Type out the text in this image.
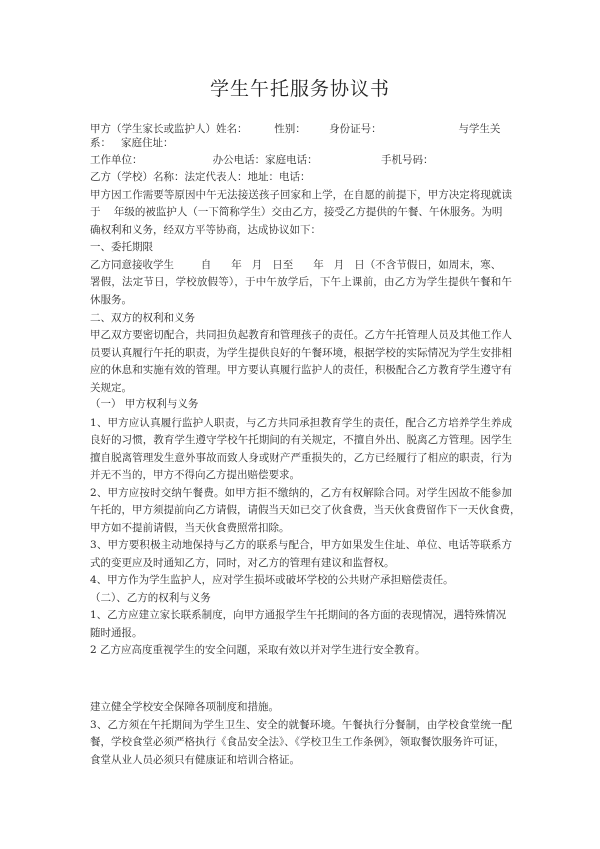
学生午托服务协议书
甲方（学生家长或监护人）姓名：        性别：       身份证号：                       与学生关
系：   家庭住址：
工作单位：                     办公电话：家庭电话：                   手机号码：
乙方（学校）名称：法定代表人：地址：电话：
甲方因工作需要等原因中午无法接送孩子回家和上学，在自愿的前提下，甲方决定将现就读
于    年级的被监护人（一下简称学生）交由乙方，接受乙方提供的午餐、午休服务。为明
确权利和义务，经双方平等协商，达成协议如下：
一、委托期限
乙方同意接收学生        自      年   月   日至      年   月   日（不含节假日，如周末，寒、
署假，法定节日，学校放假等），于中午放学后，下午上课前，由乙方为学生提供午餐和午
休服务。
二、双方的权利和义务
甲乙双方要密切配合，共同担负起教育和管理孩子的责任。乙方午托管理人员及其他工作人
员要认真履行午托的职责，为学生提供良好的午餐环境，根据学校的实际情况为学生安排相
应的休息和实施有效的管理。甲方要认真履行监护人的责任，积极配合乙方教育学生遵守有
关规定。
（一） 甲方权利与义务
1、甲方应认真履行监护人职责，与乙方共同承担教育学生的责任，配合乙方培养学生养成
良好的习惯，教育学生遵守学校午托期间的有关规定，不擅自外出、脱离乙方管理。因学生
擅自脱离管理发生意外事故而致人身或财产严重损失的，乙方已经履行了相应的职责，行为
并无不当的，甲方不得向乙方提出赔偿要求。
2、甲方应按时交纳午餐费。如甲方拒不缴纳的，乙方有权解除合同。对学生因故不能参加
午托的，甲方须提前向乙方请假，请假当天如已交了伙食费，当天伙食费留作下一天伙食费，
甲方如不提前请假，当天伙食费照常扣除。
3、甲方要积极主动地保持与乙方的联系与配合，甲方如果发生住址、单位、电话等联系方
式的变更应及时通知乙方，同时，对乙方的管理有建议和监督权。
4、甲方作为学生监护人，应对学生损坏或破坏学校的公共财产承担赔偿责任。
（二）、乙方的权利与义务
1、乙方应建立家长联系制度，向甲方通报学生午托期间的各方面的表现情况，遇特殊情况
随时通报。
2 乙方应高度重视学生的安全问题，采取有效以并对学生进行安全教育。
建立健全学校安全保障各项制度和措施。
3、乙方须在午托期间为学生卫生、安全的就餐环境。午餐执行分餐制，由学校食堂统一配
餐，学校食堂必须严格执行《食品安全法》、《学校卫生工作条例》，领取餐饮服务许可证，
食堂从业人员必须只有健康证和培训合格证。
